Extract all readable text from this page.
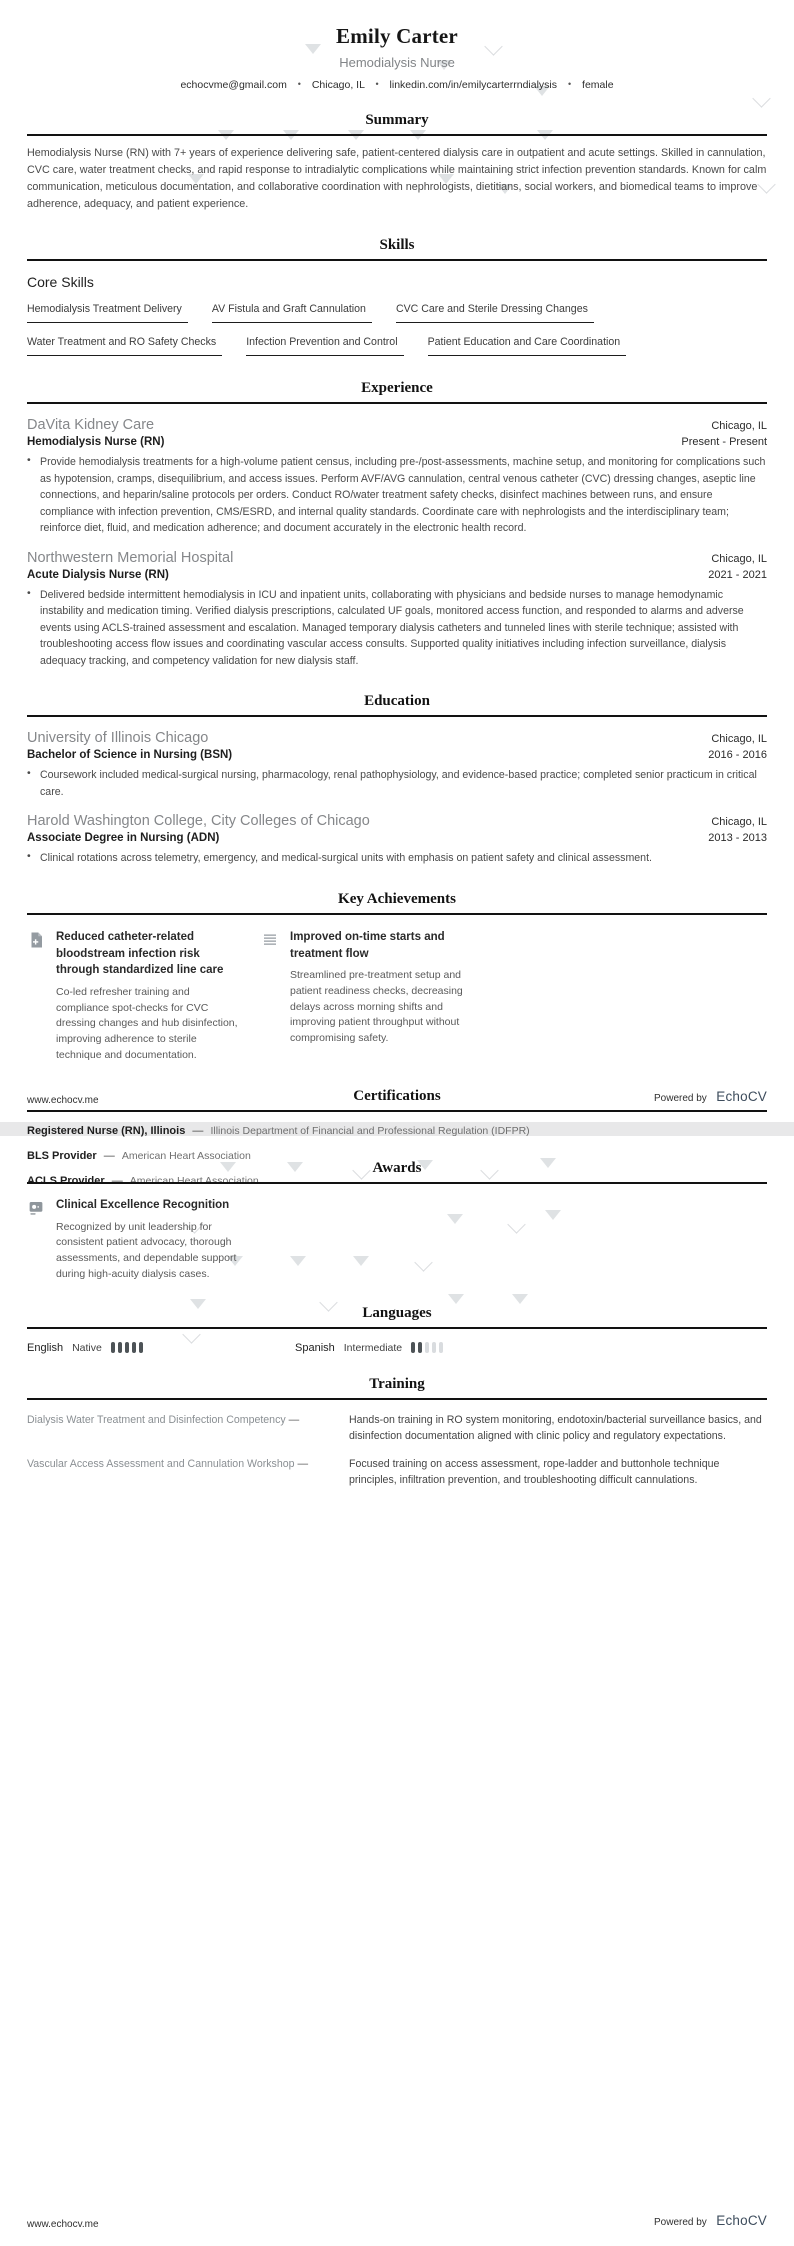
Emily Carter
Hemodialysis Nurse
echocvme@gmail.com • Chicago, IL • linkedin.com/in/emilycarterrndialysis • female
Summary
Hemodialysis Nurse (RN) with 7+ years of experience delivering safe, patient-centered dialysis care in outpatient and acute settings. Skilled in cannulation, CVC care, water treatment checks, and rapid response to intradialytic complications while maintaining strict infection prevention standards. Known for calm communication, meticulous documentation, and collaborative coordination with nephrologists, dietitians, social workers, and biomedical teams to improve adherence, adequacy, and patient experience.
Skills
Core Skills
Hemodialysis Treatment Delivery	AV Fistula and Graft Cannulation	CVC Care and Sterile Dressing Changes
Water Treatment and RO Safety Checks	Infection Prevention and Control	Patient Education and Care Coordination
Experience
DaVita Kidney Care	Chicago, IL
Hemodialysis Nurse (RN)	Present - Present
• Provide hemodialysis treatments for a high-volume patient census, including pre-/post-assessments, machine setup, and monitoring for complications such as hypotension, cramps, disequilibrium, and access issues. Perform AVF/AVG cannulation, central venous catheter (CVC) dressing changes, aseptic line connections, and heparin/saline protocols per orders. Conduct RO/water treatment safety checks, disinfect machines between runs, and ensure compliance with infection prevention, CMS/ESRD, and internal quality standards. Coordinate care with nephrologists and the interdisciplinary team; reinforce diet, fluid, and medication adherence; and document accurately in the electronic health record.
Northwestern Memorial Hospital	Chicago, IL
Acute Dialysis Nurse (RN)	2021 - 2021
• Delivered bedside intermittent hemodialysis in ICU and inpatient units, collaborating with physicians and bedside nurses to manage hemodynamic instability and medication timing. Verified dialysis prescriptions, calculated UF goals, monitored access function, and responded to alarms and adverse events using ACLS-trained assessment and escalation. Managed temporary dialysis catheters and tunneled lines with sterile technique; assisted with troubleshooting access flow issues and coordinating vascular access consults. Supported quality initiatives including infection surveillance, dialysis adequacy tracking, and competency validation for new dialysis staff.
Education
University of Illinois Chicago	Chicago, IL
Bachelor of Science in Nursing (BSN)	2016 - 2016
• Coursework included medical-surgical nursing, pharmacology, renal pathophysiology, and evidence-based practice; completed senior practicum in critical care.
Harold Washington College, City Colleges of Chicago	Chicago, IL
Associate Degree in Nursing (ADN)	2013 - 2013
• Clinical rotations across telemetry, emergency, and medical-surgical units with emphasis on patient safety and clinical assessment.
Key Achievements
Reduced catheter-related bloodstream infection risk through standardized line care
Co-led refresher training and compliance spot-checks for CVC dressing changes and hub disinfection, improving adherence to sterile technique and documentation.
Improved on-time starts and treatment flow
Streamlined pre-treatment setup and patient readiness checks, decreasing delays across morning shifts and improving patient throughput without compromising safety.
Certifications
Registered Nurse (RN), Illinois — Illinois Department of Financial and Professional Regulation (IDFPR)
BLS Provider — American Heart Association
ACLS Provider — American Heart Association
www.echocv.me	Powered by EchoCV
Awards
Clinical Excellence Recognition
Recognized by unit leadership for consistent patient advocacy, thorough assessments, and dependable support during high-acuity dialysis cases.
Languages
English Native	Spanish Intermediate
Training
Dialysis Water Treatment and Disinfection Competency —	Hands-on training in RO system monitoring, endotoxin/bacterial surveillance basics, and disinfection documentation aligned with clinic policy and regulatory expectations.
Vascular Access Assessment and Cannulation Workshop —	Focused training on access assessment, rope-ladder and buttonhole technique principles, infiltration prevention, and troubleshooting difficult cannulations.
www.echocv.me	Powered by EchoCV
